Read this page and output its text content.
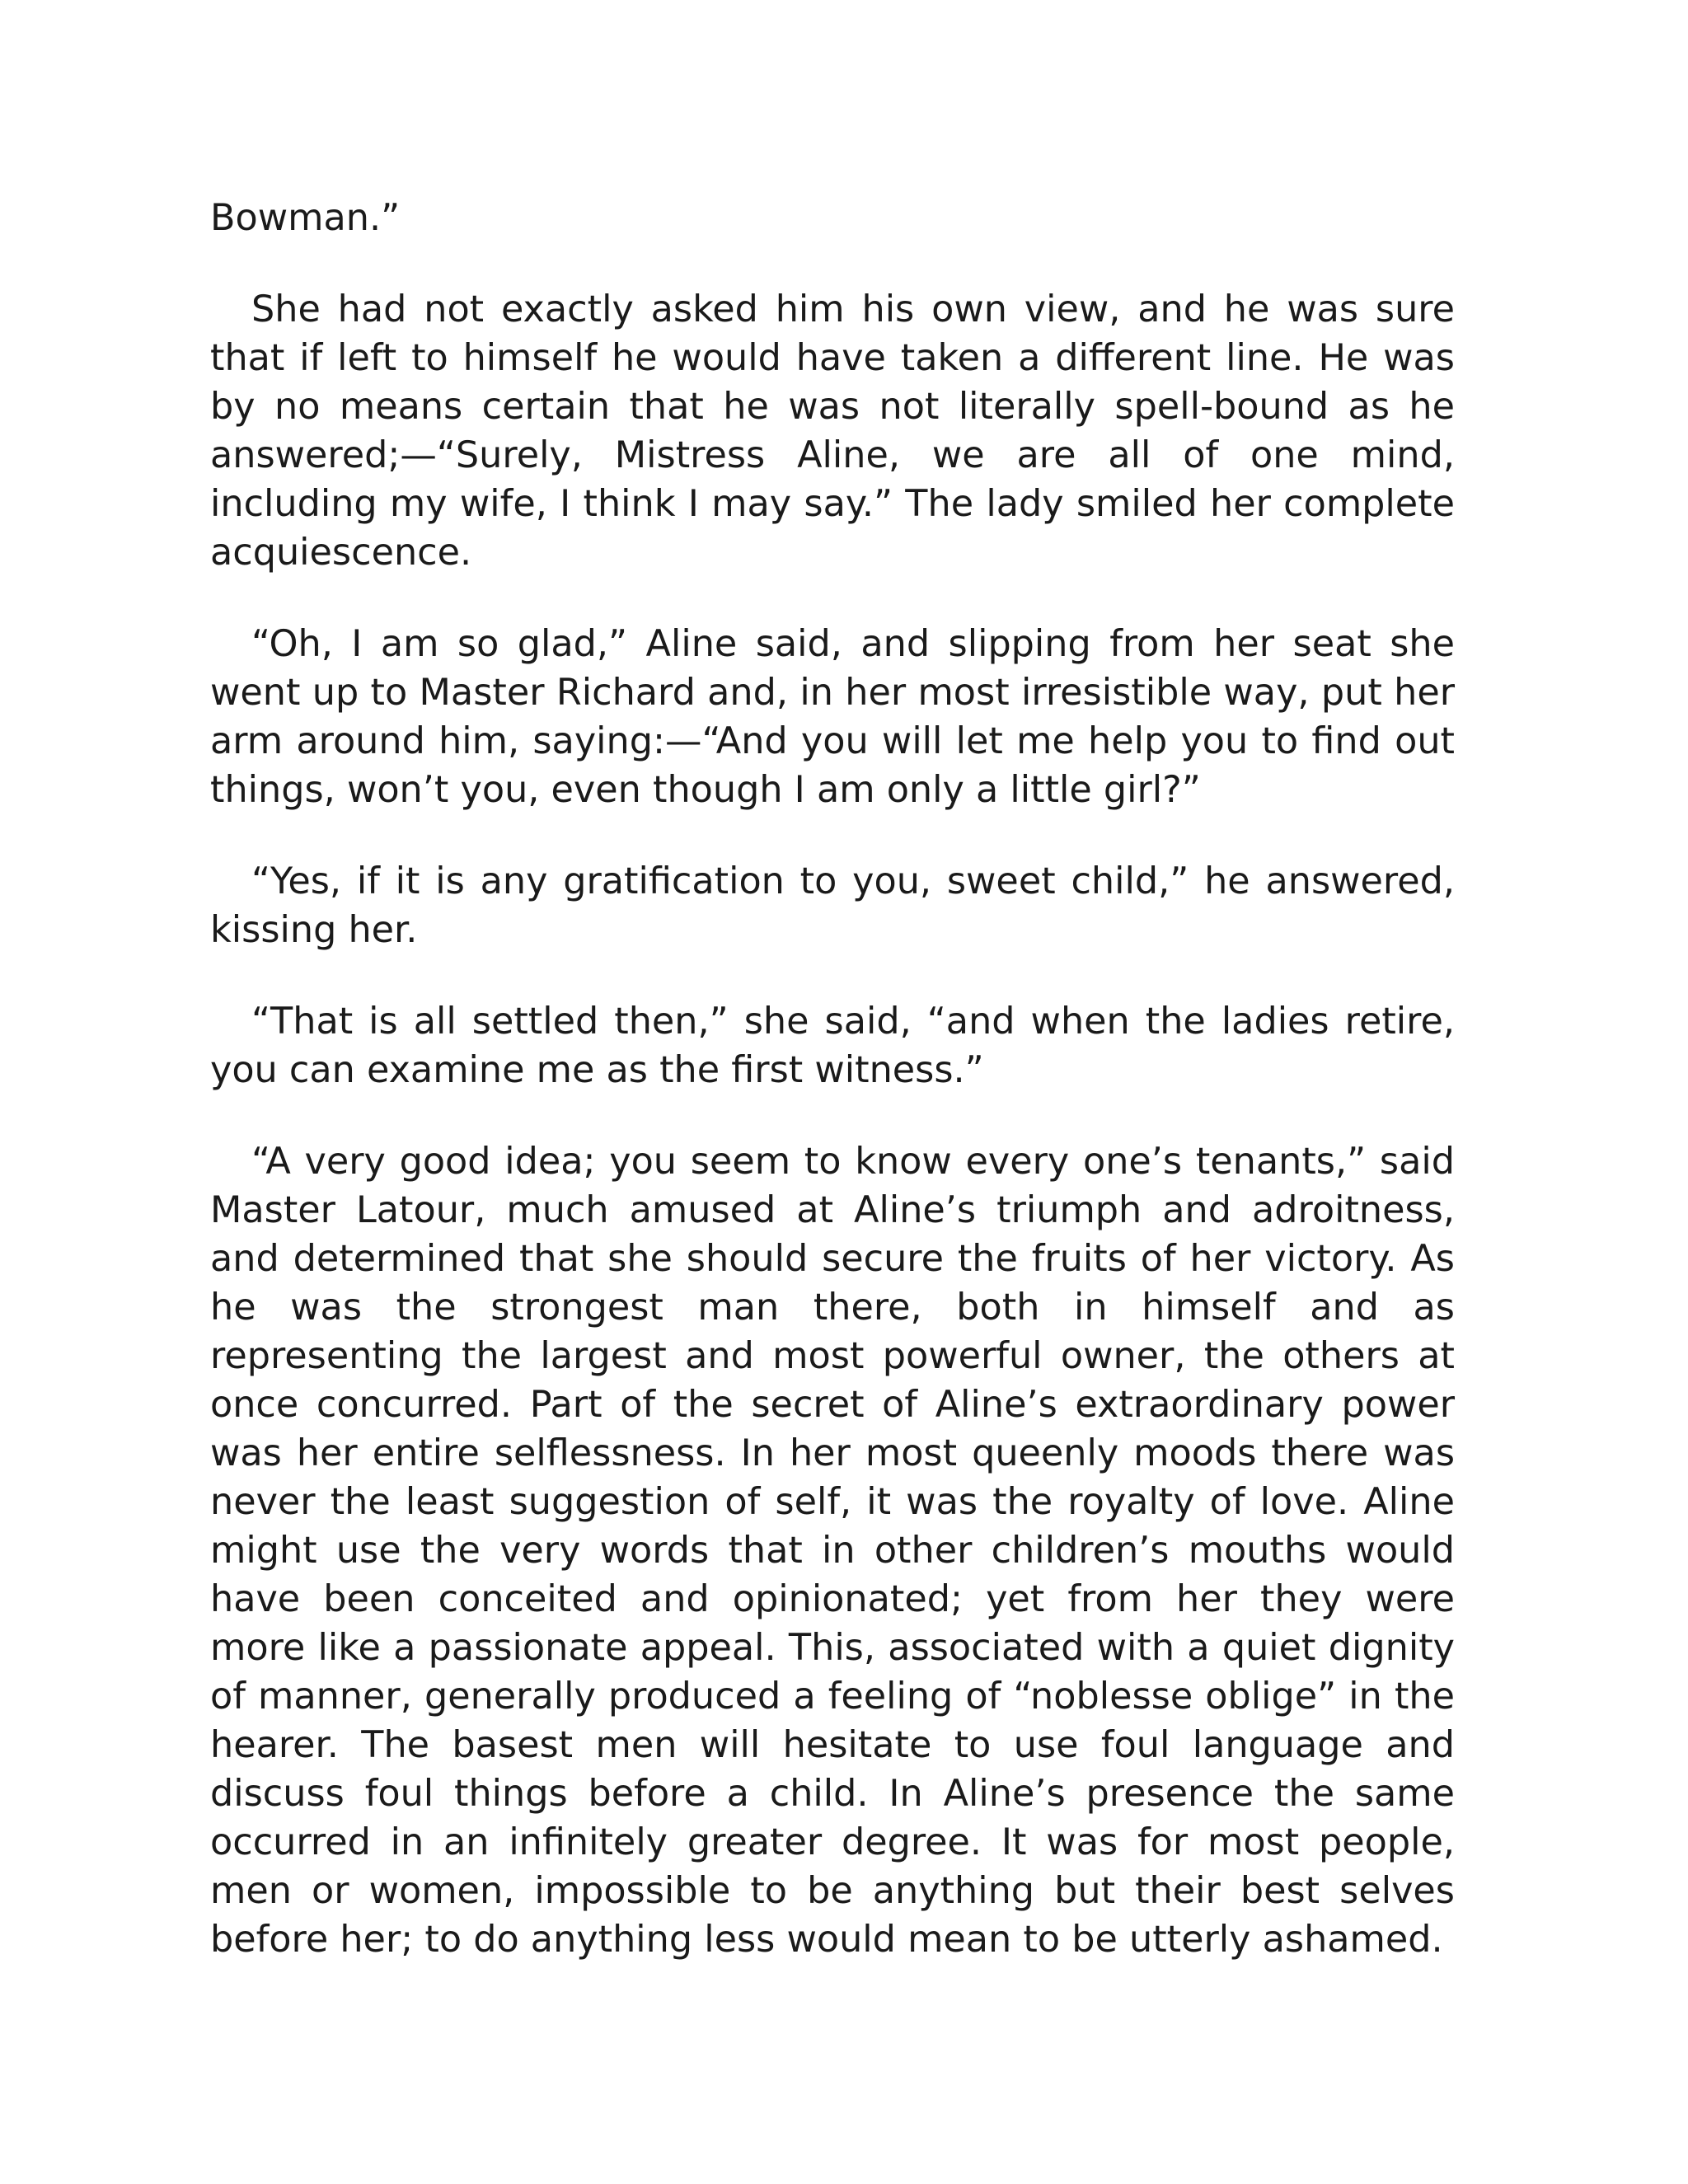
Bowman.”

She had not exactly asked him his own view, and he was sure that if left to himself he would have taken a different line. He was by no means certain that he was not literally spell-bound as he answered;—“Surely, Mistress Aline, we are all of one mind, including my wife, I think I may say.” The lady smiled her complete acquiescence.

“Oh, I am so glad,” Aline said, and slipping from her seat she went up to Master Richard and, in her most irresistible way, put her arm around him, saying:—“And you will let me help you to find out things, won’t you, even though I am only a little girl?”

“Yes, if it is any gratification to you, sweet child,” he answered, kissing her.

“That is all settled then,” she said, “and when the ladies retire, you can examine me as the first witness.”

“A very good idea; you seem to know every one’s tenants,” said Master Latour, much amused at Aline’s triumph and adroitness, and determined that she should secure the fruits of her victory. As he was the strongest man there, both in himself and as representing the largest and most powerful owner, the others at once concurred. Part of the secret of Aline’s extraordinary power was her entire selflessness. In her most queenly moods there was never the least suggestion of self, it was the royalty of love. Aline might use the very words that in other children’s mouths would have been conceited and opinionated; yet from her they were more like a passionate appeal. This, associated with a quiet dignity of manner, generally produced a feeling of “noblesse oblige” in the hearer. The basest men will hesitate to use foul language and discuss foul things before a child. In Aline’s presence the same occurred in an infinitely greater degree. It was for most people, men or women, impossible to be anything but their best selves before her; to do anything less would mean to be utterly ashamed.
